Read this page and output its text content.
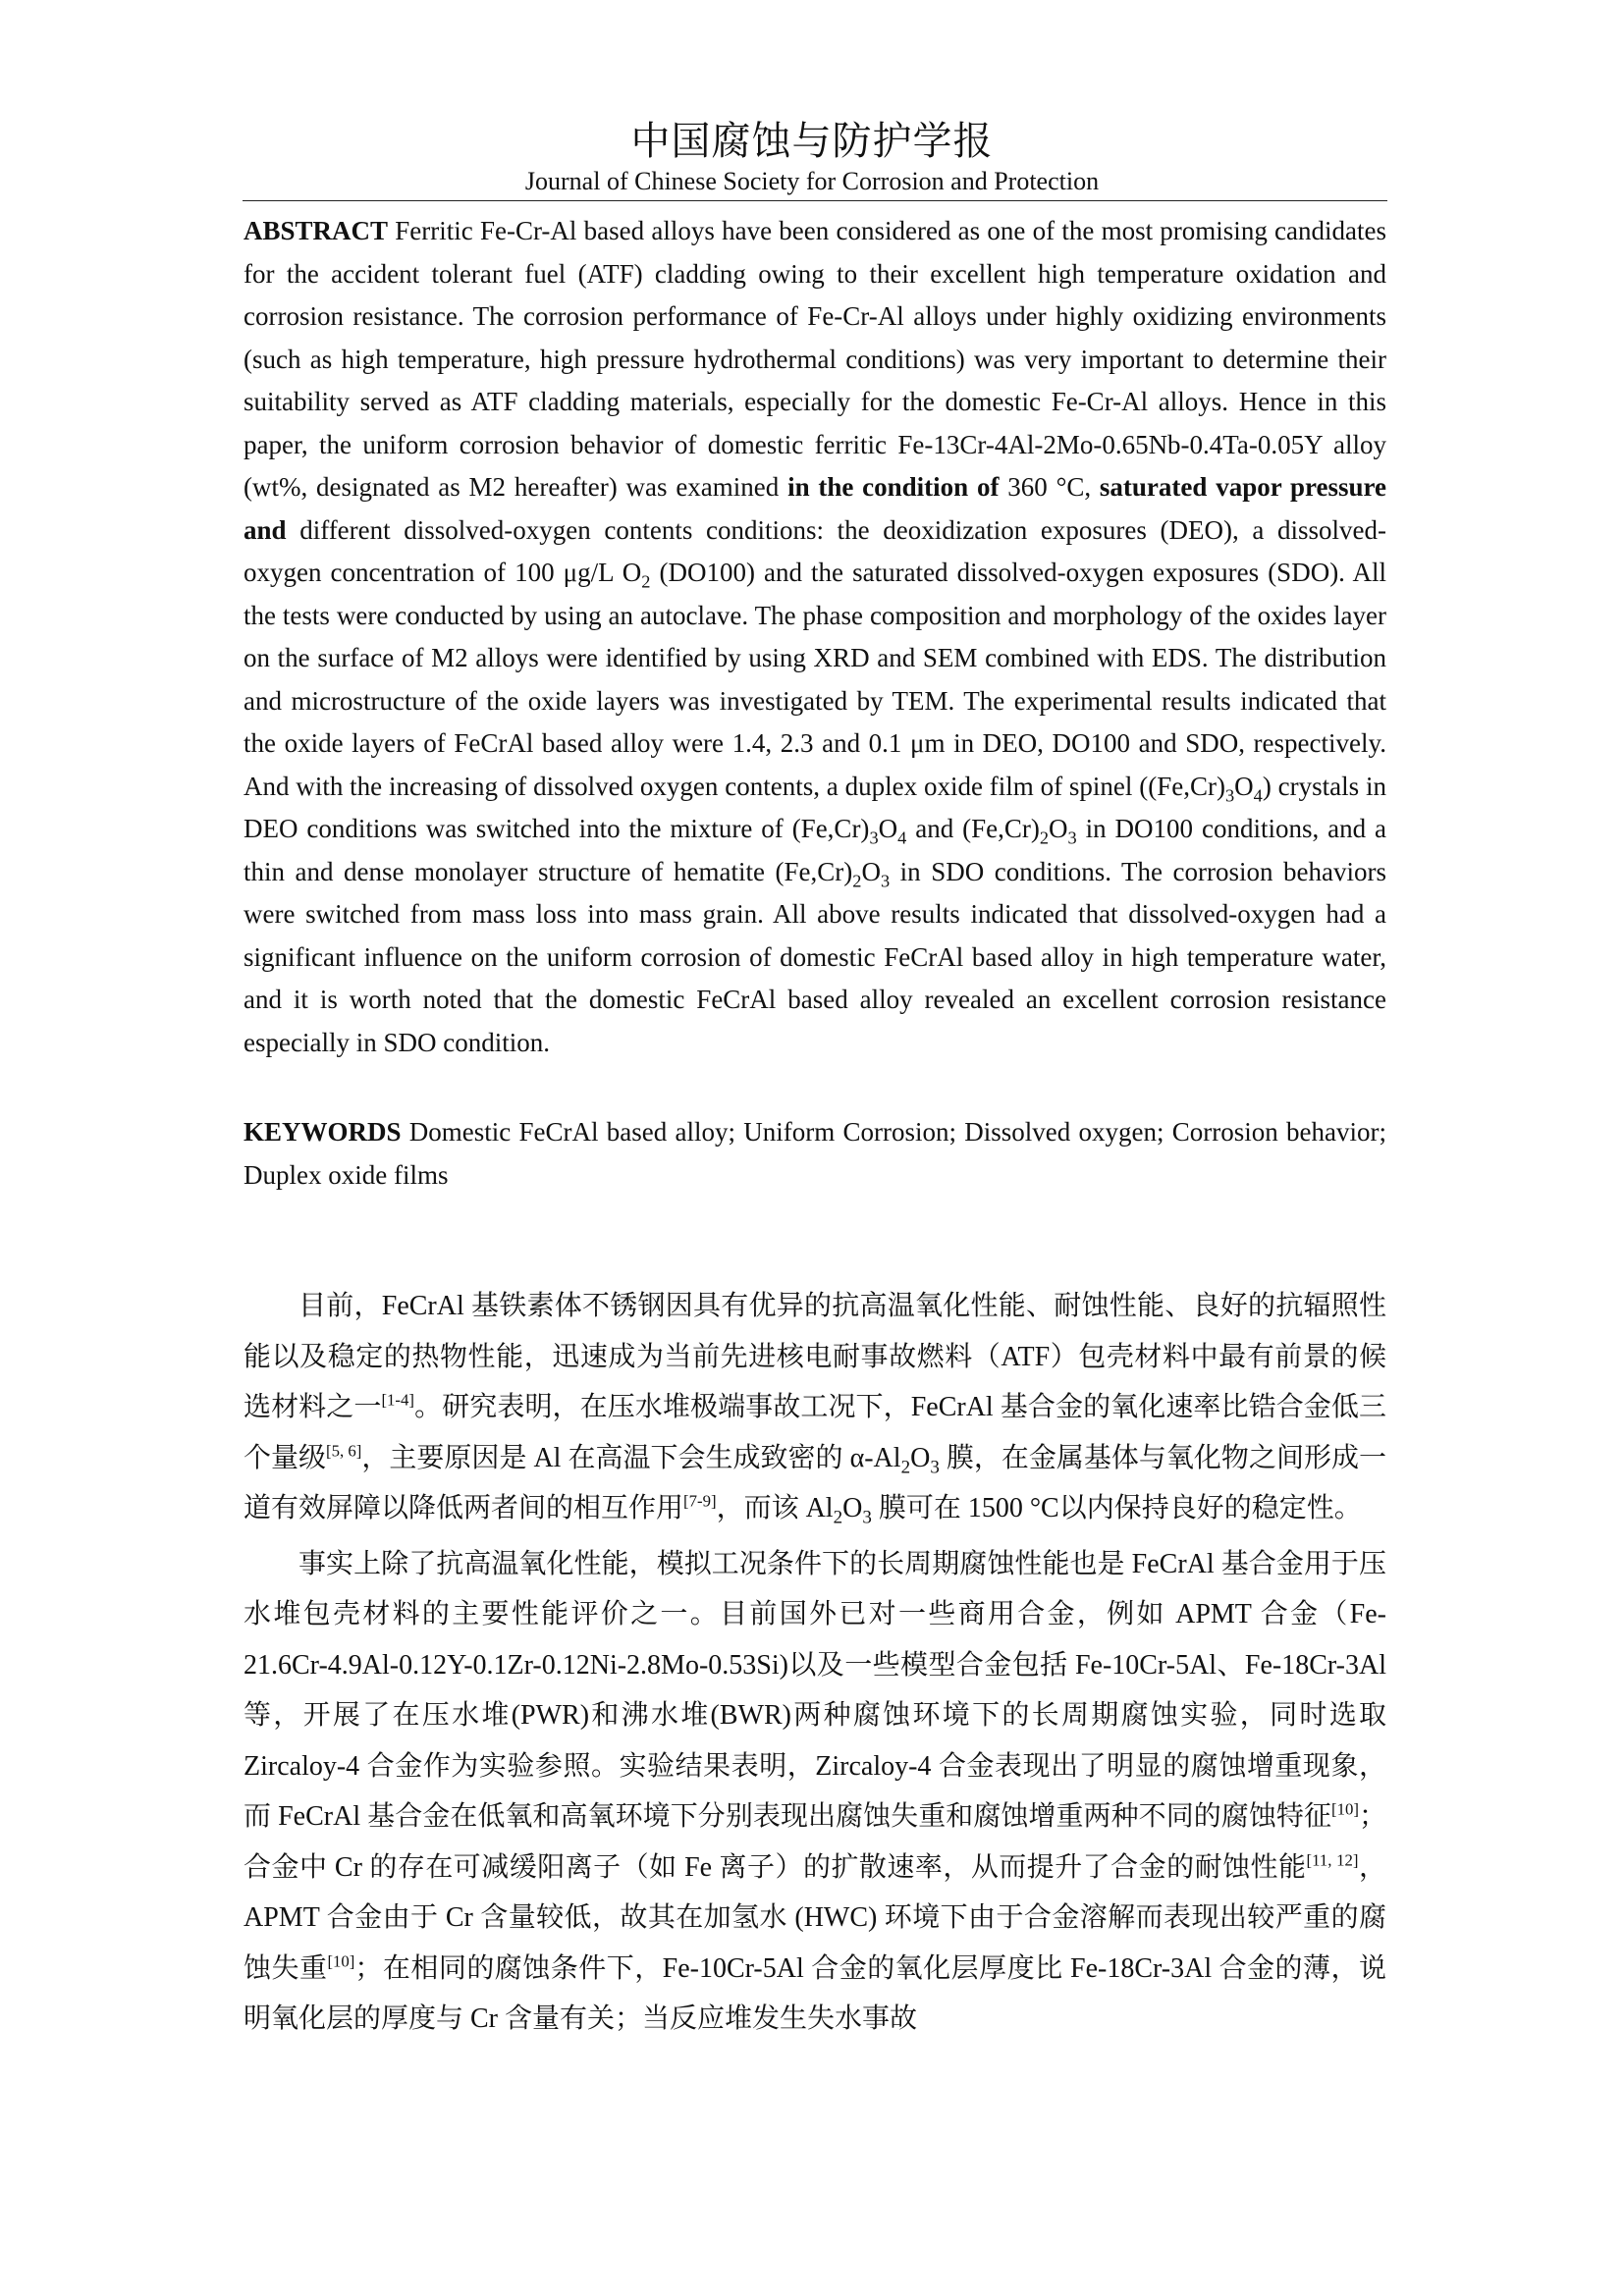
中国腐蚀与防护学报
Journal of Chinese Society for Corrosion and Protection
ABSTRACT Ferritic Fe-Cr-Al based alloys have been considered as one of the most promising candidates for the accident tolerant fuel (ATF) cladding owing to their excellent high temperature oxidation and corrosion resistance. The corrosion performance of Fe-Cr-Al alloys under highly oxidizing environments (such as high temperature, high pressure hydrothermal conditions) was very important to determine their suitability served as ATF cladding materials, especially for the domestic Fe-Cr-Al alloys. Hence in this paper, the uniform corrosion behavior of domestic ferritic Fe-13Cr-4Al-2Mo-0.65Nb-0.4Ta-0.05Y alloy (wt%, designated as M2 hereafter) was examined in the condition of 360 °C, saturated vapor pressure and different dissolved-oxygen contents conditions: the deoxidization exposures (DEO), a dissolved-oxygen concentration of 100 μg/L $O_2$ (DO100) and the saturated dissolved-oxygen exposures (SDO). All the tests were conducted by using an autoclave. The phase composition and morphology of the oxides layer on the surface of M2 alloys were identified by using XRD and SEM combined with EDS. The distribution and microstructure of the oxide layers was investigated by TEM. The experimental results indicated that the oxide layers of FeCrAl based alloy were 1.4, 2.3 and 0.1 μm in DEO, DO100 and SDO, respectively. And with the increasing of dissolved oxygen contents, a duplex oxide film of spinel $((Fe,Cr)_3O_4)$ crystals in DEO conditions was switched into the mixture of $(Fe,Cr)_3O_4$ and $(Fe,Cr)_2O_3$ in DO100 conditions, and a thin and dense monolayer structure of hematite $(Fe,Cr)_2O_3$ in SDO conditions. The corrosion behaviors were switched from mass loss into mass grain. All above results indicated that dissolved-oxygen had a significant influence on the uniform corrosion of domestic FeCrAl based alloy in high temperature water, and it is worth noted that the domestic FeCrAl based alloy revealed an excellent corrosion resistance especially in SDO condition.
KEYWORDS Domestic FeCrAl based alloy; Uniform Corrosion; Dissolved oxygen; Corrosion behavior; Duplex oxide films

目前，FeCrAl 基铁素体不锈钢因具有优异的抗高温氧化性能、耐蚀性能、良好的抗辐照性能以及稳定的热物性能，迅速成为当前先进核电耐事故燃料（ATF）包壳材料中最有前景的候选材料之一[1-4]。研究表明，在压水堆极端事故工况下，FeCrAl 基合金的氧化速率比锆合金低三个量级[5, 6]，主要原因是 Al 在高温下会生成致密的 $\alpha-Al_2O_3$ 膜，在金属基体与氧化物之间形成一道有效屏障以降低两者间的相互作用[7-9]，而该 $Al_2O_3$ 膜可在 1500 °C以内保持良好的稳定性。

事实上除了抗高温氧化性能，模拟工况条件下的长周期腐蚀性能也是 FeCrAl 基合金用于压水堆包壳材料的主要性能评价之一。目前国外已对一些商用合金，例如 APMT 合金（Fe-21.6Cr-4.9Al-0.12Y-0.1Zr-0.12Ni-2.8Mo-0.53Si)以及一些模型合金包括 Fe-10Cr-5Al、Fe-18Cr-3Al 等，开展了在压水堆(PWR)和沸水堆(BWR)两种腐蚀环境下的长周期腐蚀实验，同时选取 Zircaloy-4 合金作为实验参照。实验结果表明，Zircaloy-4 合金表现出了明显的腐蚀增重现象，而 FeCrAl 基合金在低氧和高氧环境下分别表现出腐蚀失重和腐蚀增重两种不同的腐蚀特征[10]；合金中 Cr 的存在可减缓阳离子（如 Fe 离子）的扩散速率，从而提升了合金的耐蚀性能[11, 12]，APMT 合金由于 Cr 含量较低，故其在加氢水 (HWC) 环境下由于合金溶解而表现出较严重的腐蚀失重[10]；在相同的腐蚀条件下，Fe-10Cr-5Al 合金的氧化层厚度比 Fe-18Cr-3Al 合金的薄，说明氧化层的厚度与 Cr 含量有关；当反应堆发生失水事故
